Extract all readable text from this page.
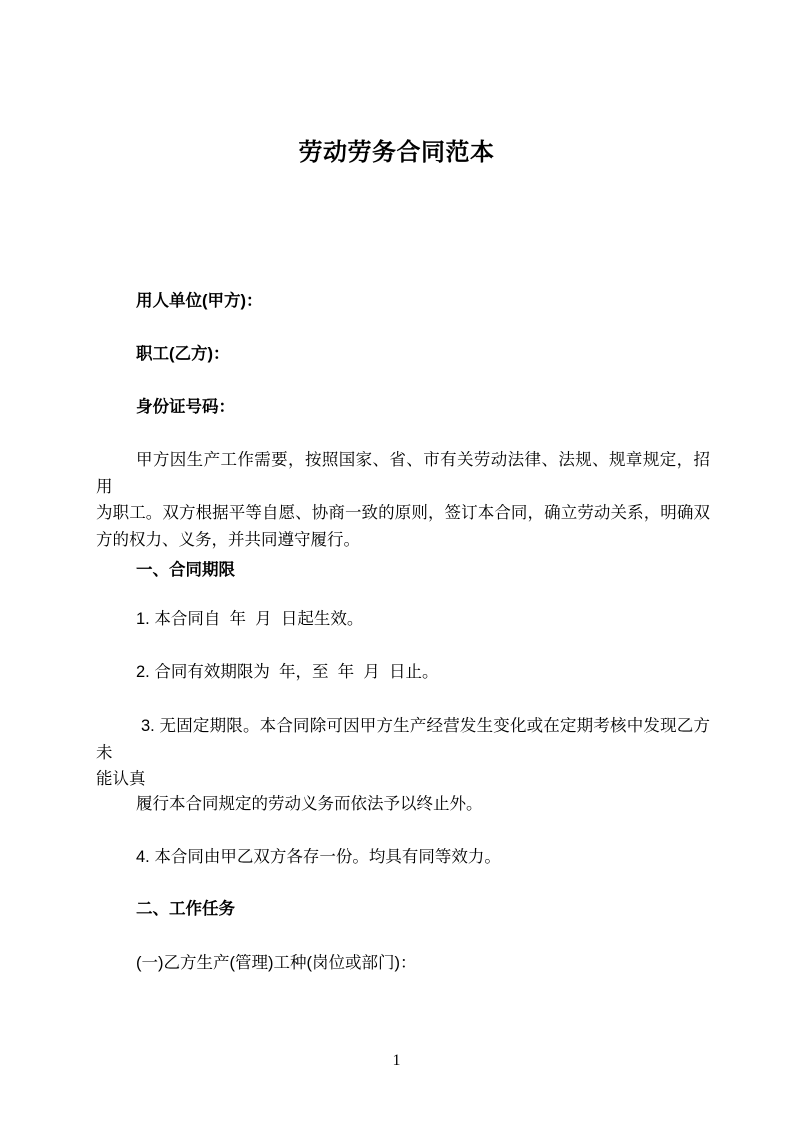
劳动劳务合同范本

用人单位(甲方)：

职工(乙方)：

身份证号码：

甲方因生产工作需要，按照国家、省、市有关劳动法律、法规、规章规定，招用
为职工。双方根据平等自愿、协商一致的原则，签订本合同，确立劳动关系，明确双
方的权力、义务，并共同遵守履行。

一、合同期限

1. 本合同自  年  月  日起生效。

2. 合同有效期限为  年，至  年  月  日止。

3. 无固定期限。本合同除可因甲方生产经营发生变化或在定期考核中发现乙方未
能认真

履行本合同规定的劳动义务而依法予以终止外。

4. 本合同由甲乙双方各存一份。均具有同等效力。

二、工作任务

(一)乙方生产(管理)工种(岗位或部门)：

1
